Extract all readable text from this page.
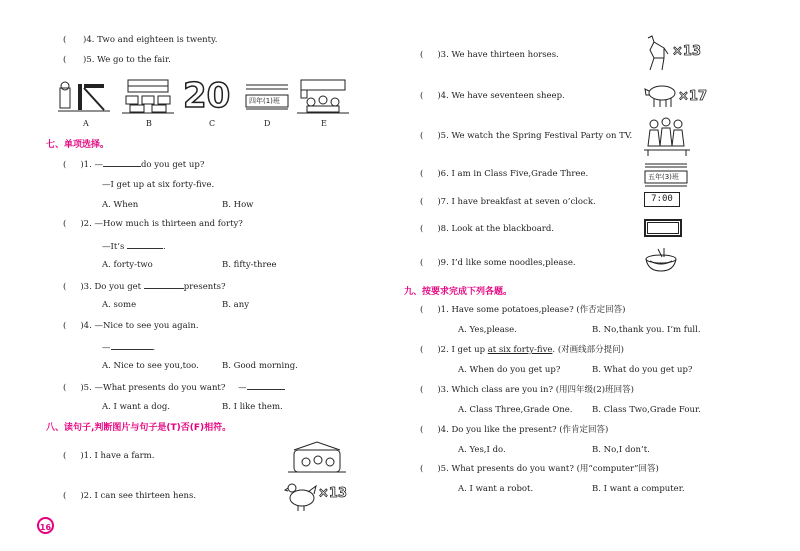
( )4. Two and eighteen is twenty.
( )5. We go to the fair.
20	四年(1)班
A	B	C	D	E
七、单项选择。
( )1. —	do you get up?
—I get up at six forty-five.
A. When	B. How
( )2. —How much is thirteen and forty?
—It’s	.
A. forty-two	B. fifty-three
( )3. Do you get	presents?
A. some	B. any
( )4. —Nice to see you again.
—	.
A. Nice to see you,too.	B. Good morning.
( )5. —What presents do you want? —
A. I want a dog.	B. I like them.
八、读句子,判断图片与句子是(T)否(F)相符。
( )1. I have a farm.
( )2. I can see thirteen hens.	×13
16
( )3. We have thirteen horses.	×13
( )4. We have seventeen sheep.	×17
( )5. We watch the Spring Festival Party on TV.
( )6. I am in Class Five,Grade Three.	五年(3)班
( )7. I have breakfast at seven o’clock.	7:00
( )8. Look at the blackboard.
( )9. I’d like some noodles,please.
九、按要求完成下列各题。
( )1. Have some potatoes,please? (作否定回答)
A. Yes,please.	B. No,thank you. I’m full.
( )2. I get up at six forty-five. (对画线部分提问)
A. When do you get up?	B. What do you get up?
( )3. Which class are you in? (用四年级(2)班回答)
A. Class Three,Grade One. B. Class Two,Grade Four.
( )4. Do you like the present? (作肯定回答)
A. Yes,I do.	B. No,I don’t.
( )5. What presents do you want? (用“computer”回答)
A. I want a robot.	B. I want a computer.
